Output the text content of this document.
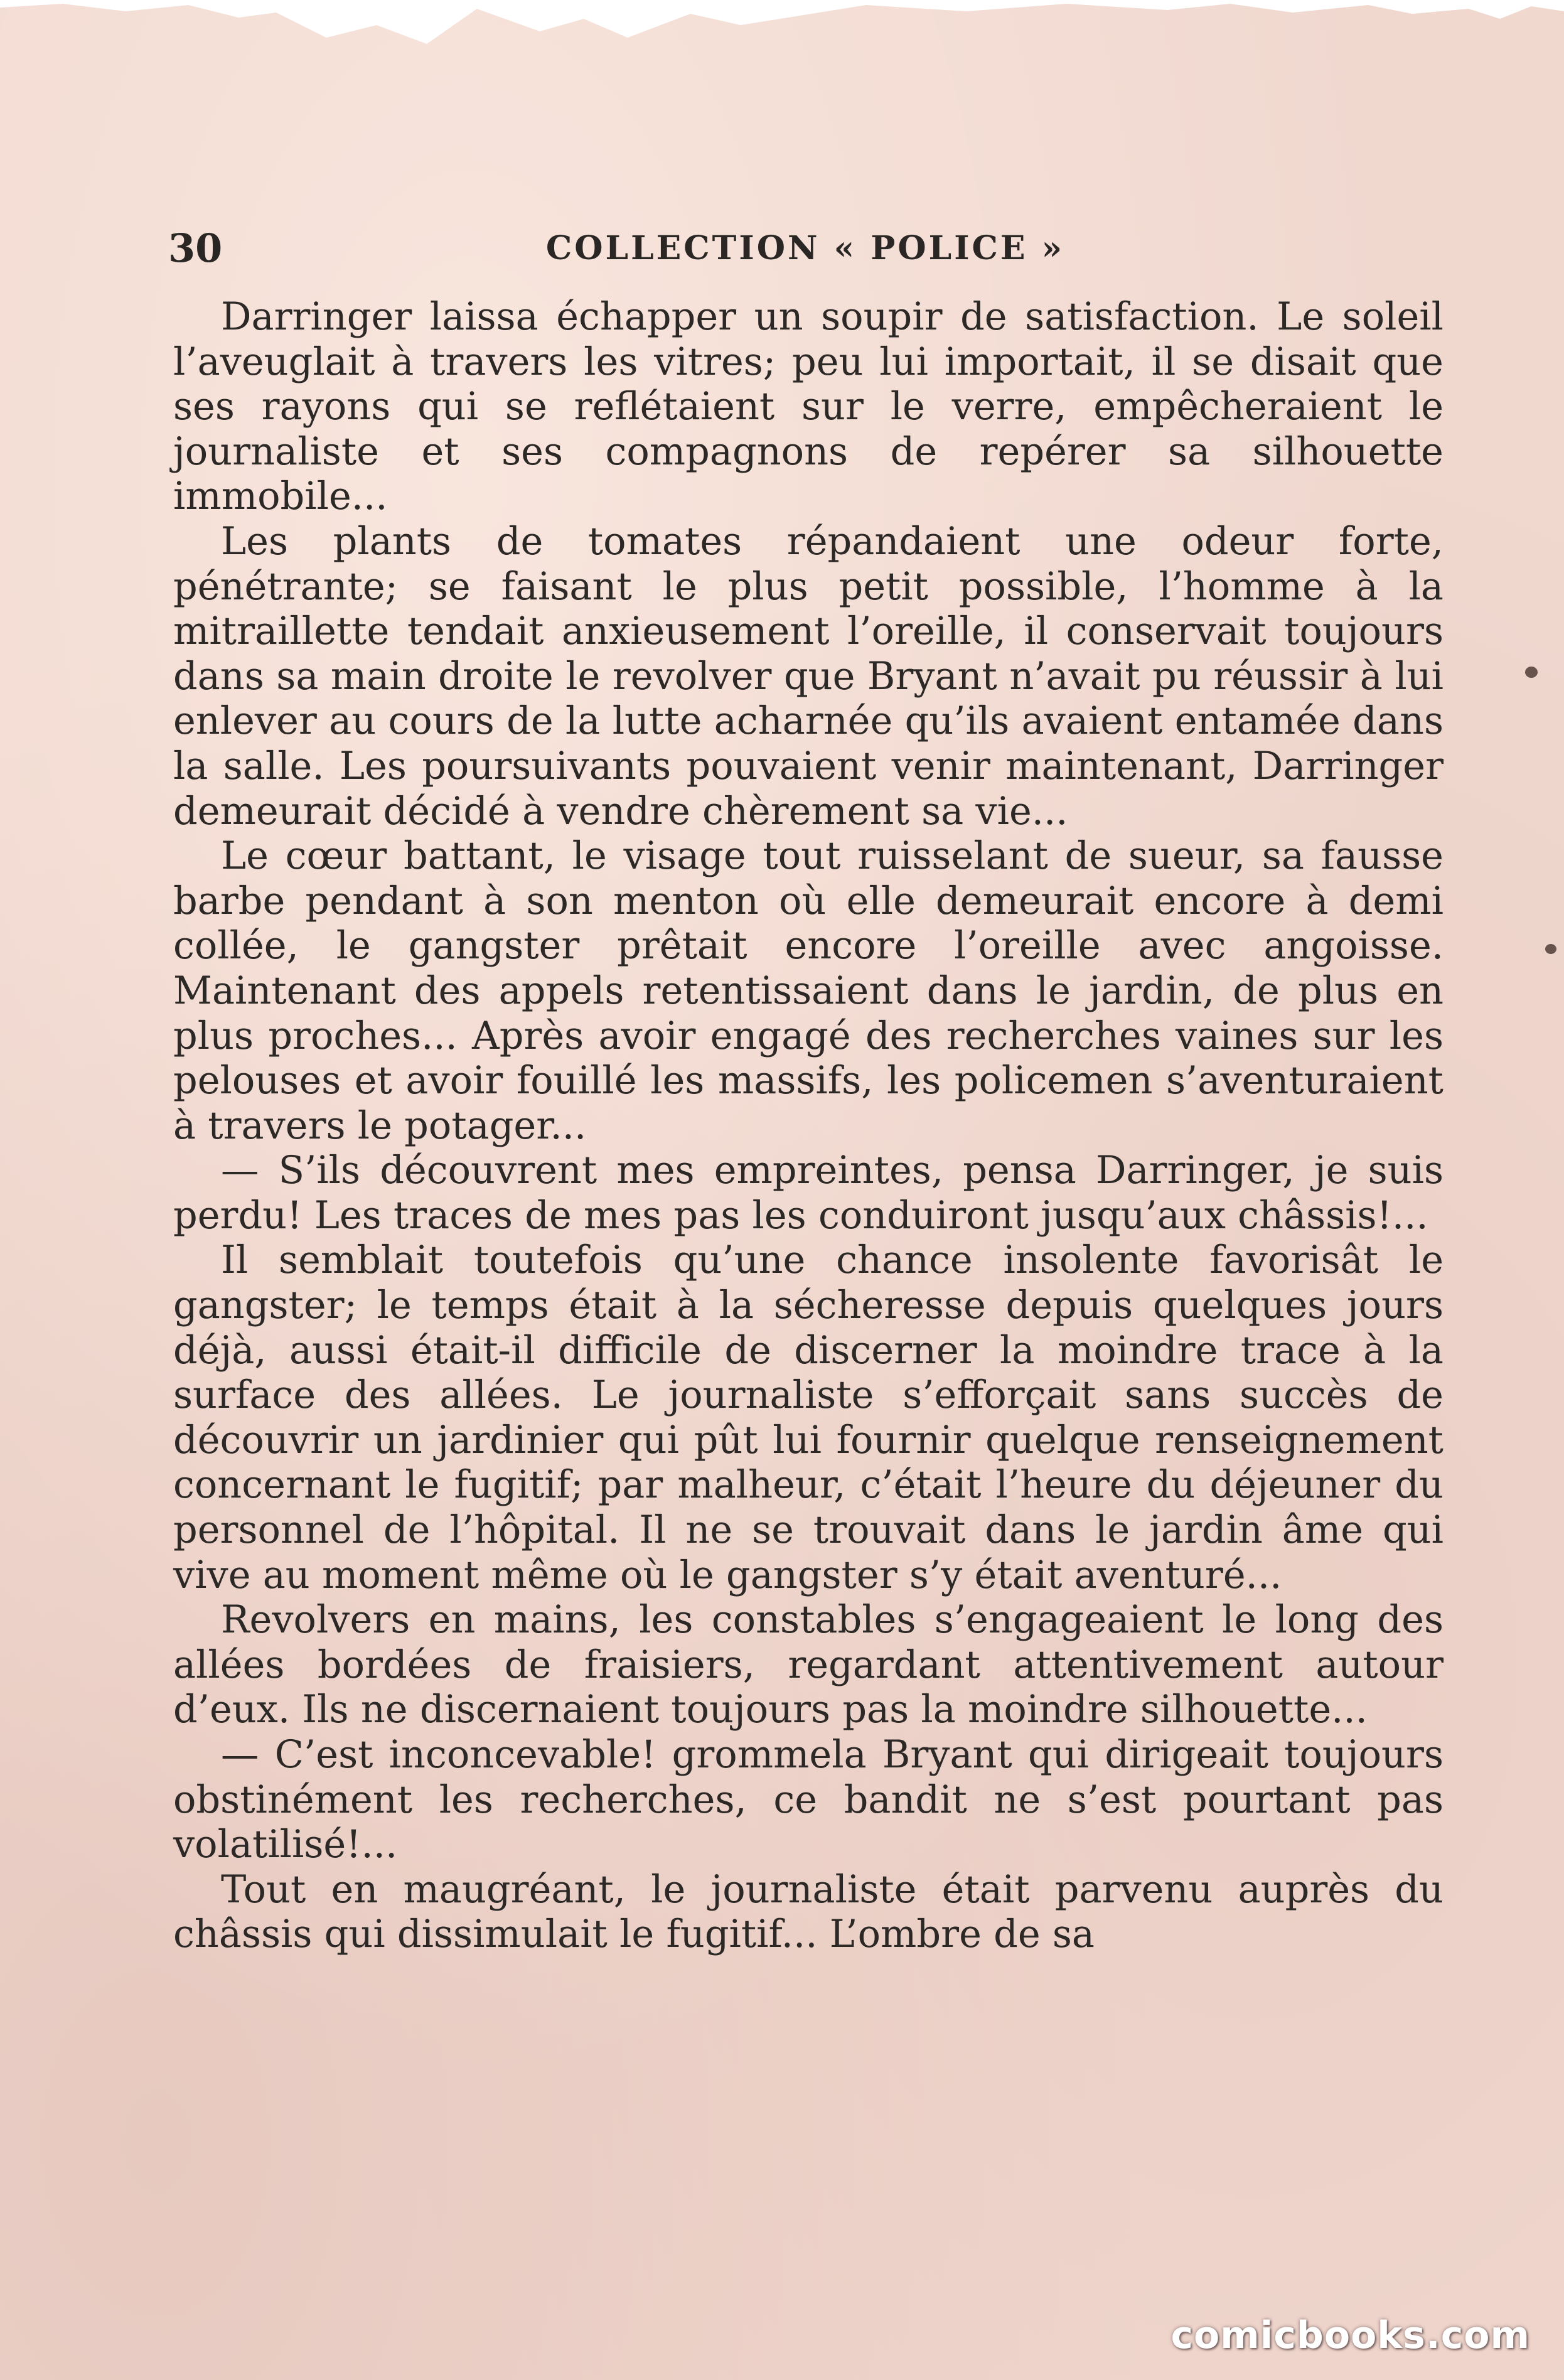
30	COLLECTION « POLICE »

Darringer laissa échapper un soupir de satisfaction. Le soleil l’aveuglait à travers les vitres; peu lui importait, il se disait que ses rayons qui se reflétaient sur le verre, empêcheraient le journaliste et ses compagnons de repérer sa silhouette immobile...

Les plants de tomates répandaient une odeur forte, pénétrante; se faisant le plus petit possible, l’homme à la mitraillette tendait anxieusement l’oreille, il conservait toujours dans sa main droite le revolver que Bryant n’avait pu réussir à lui enlever au cours de la lutte acharnée qu’ils avaient entamée dans la salle. Les poursuivants pouvaient venir maintenant, Darringer demeurait décidé à vendre chèrement sa vie...

Le cœur battant, le visage tout ruisselant de sueur, sa fausse barbe pendant à son menton où elle demeurait encore à demi collée, le gangster prêtait encore l’oreille avec angoisse. Maintenant des appels retentissaient dans le jardin, de plus en plus proches... Après avoir engagé des recherches vaines sur les pelouses et avoir fouillé les massifs, les policemen s’aventuraient à travers le potager...

— S’ils découvrent mes empreintes, pensa Darringer, je suis perdu! Les traces de mes pas les conduiront jusqu’aux châssis!...

Il semblait toutefois qu’une chance insolente favorisât le gangster; le temps était à la sécheresse depuis quelques jours déjà, aussi était-il difficile de discerner la moindre trace à la surface des allées. Le journaliste s’efforçait sans succès de découvrir un jardinier qui pût lui fournir quelque renseignement concernant le fugitif; par malheur, c’était l’heure du déjeuner du personnel de l’hôpital. Il ne se trouvait dans le jardin âme qui vive au moment même où le gangster s’y était aventuré...

Revolvers en mains, les constables s’engageaient le long des allées bordées de fraisiers, regardant attentivement autour d’eux. Ils ne discernaient toujours pas la moindre silhouette...

— C’est inconcevable! grommela Bryant qui dirigeait toujours obstinément les recherches, ce bandit ne s’est pourtant pas volatilisé!...

Tout en maugréant, le journaliste était parvenu auprès du châssis qui dissimulait le fugitif... L’ombre de sa

comicbooks.com
